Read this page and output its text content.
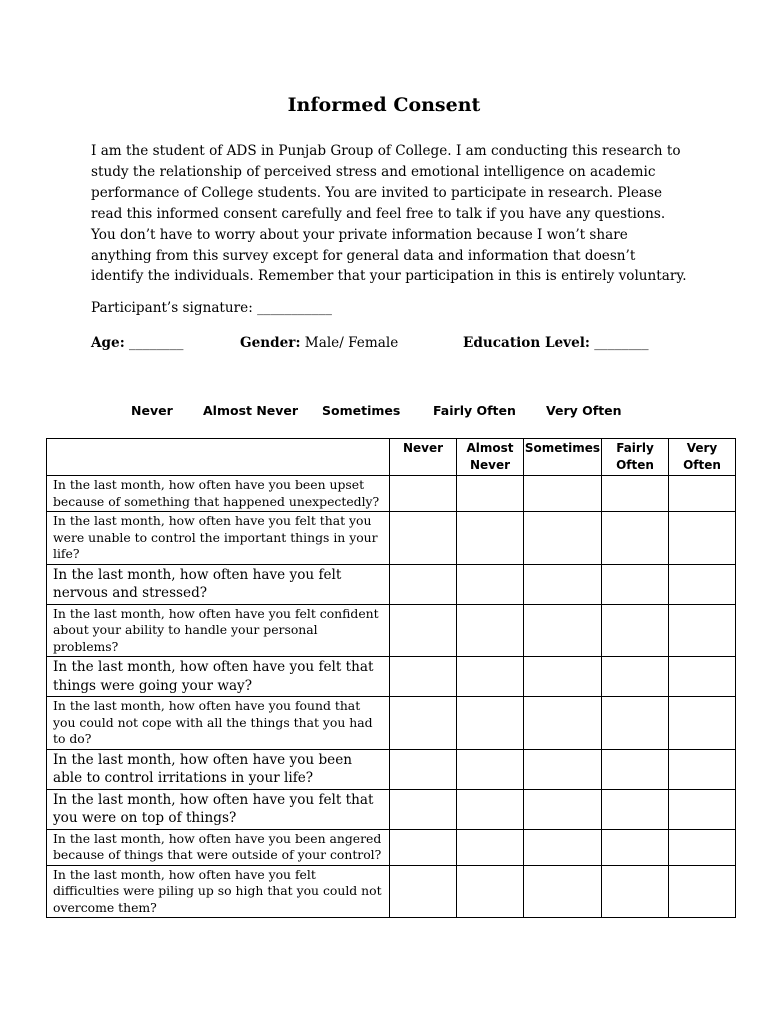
Informed Consent

I am the student of ADS in Punjab Group of College. I am conducting this research to study the relationship of perceived stress and emotional intelligence on academic performance of College students. You are invited to participate in research. Please read this informed consent carefully and feel free to talk if you have any questions. You don’t have to worry about your private information because I won’t share anything from this survey except for general data and information that doesn’t identify the individuals. Remember that your participation in this is entirely voluntary.

Participant’s signature: ___________

Age: ________	Gender: Male/ Female	Education Level: ________
Never Almost Never Sometimes	Fairly Often Very Often
	Never	Almost Never	Sometimes	Fairly Often	Very Often
In the last month, how often have you been upset because of something that happened unexpectedly?					
In the last month, how often have you felt that you were unable to control the important things in your life?					
In the last month, how often have you felt nervous and stressed?					
In the last month, how often have you felt confident about your ability to handle your personal problems?					
In the last month, how often have you felt that things were going your way?					
In the last month, how often have you found that you could not cope with all the things that you had to do?					
In the last month, how often have you been able to control irritations in your life?					
In the last month, how often have you felt that you were on top of things?					
In the last month, how often have you been angered because of things that were outside of your control?					
In the last month, how often have you felt difficulties were piling up so high that you could not overcome them?					
